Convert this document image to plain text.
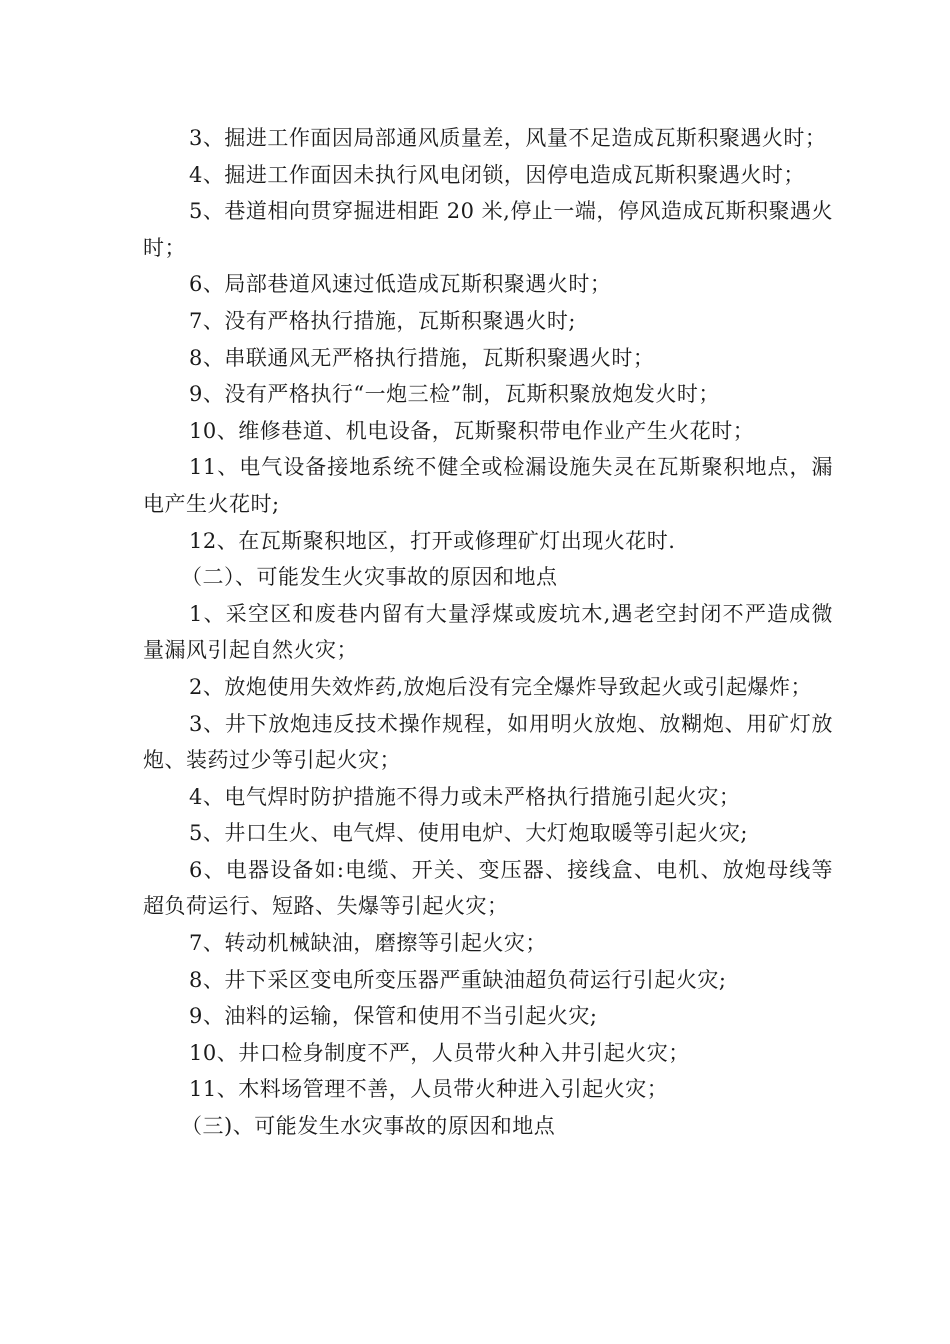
3、掘进工作面因局部通风质量差，风量不足造成瓦斯积聚遇火时；

4、掘进工作面因未执行风电闭锁，因停电造成瓦斯积聚遇火时；

5、巷道相向贯穿掘进相距 20 米,停止一端，停风造成瓦斯积聚遇火时；

6、局部巷道风速过低造成瓦斯积聚遇火时；

7、没有严格执行措施，瓦斯积聚遇火时;

8、串联通风无严格执行措施，瓦斯积聚遇火时；

9、没有严格执行“一炮三检”制，瓦斯积聚放炮发火时；

10、维修巷道、机电设备，瓦斯聚积带电作业产生火花时；

11、电气设备接地系统不健全或检漏设施失灵在瓦斯聚积地点，漏电产生火花时;

12、在瓦斯聚积地区，打开或修理矿灯出现火花时.

（二）、可能发生火灾事故的原因和地点

1、采空区和废巷内留有大量浮煤或废坑木,遇老空封闭不严造成微量漏风引起自然火灾；

2、放炮使用失效炸药,放炮后没有完全爆炸导致起火或引起爆炸；

3、井下放炮违反技术操作规程，如用明火放炮、放糊炮、用矿灯放炮、装药过少等引起火灾；

4、电气焊时防护措施不得力或未严格执行措施引起火灾；

5、井口生火、电气焊、使用电炉、大灯炮取暖等引起火灾;

6、电器设备如:电缆、开关、变压器、接线盒、电机、放炮母线等超负荷运行、短路、失爆等引起火灾；

7、转动机械缺油，磨擦等引起火灾；

8、井下采区变电所变压器严重缺油超负荷运行引起火灾;

9、油料的运输，保管和使用不当引起火灾;

10、井口检身制度不严，人员带火种入井引起火灾；

11、木料场管理不善，人员带火种进入引起火灾；

（三)、可能发生水灾事故的原因和地点
